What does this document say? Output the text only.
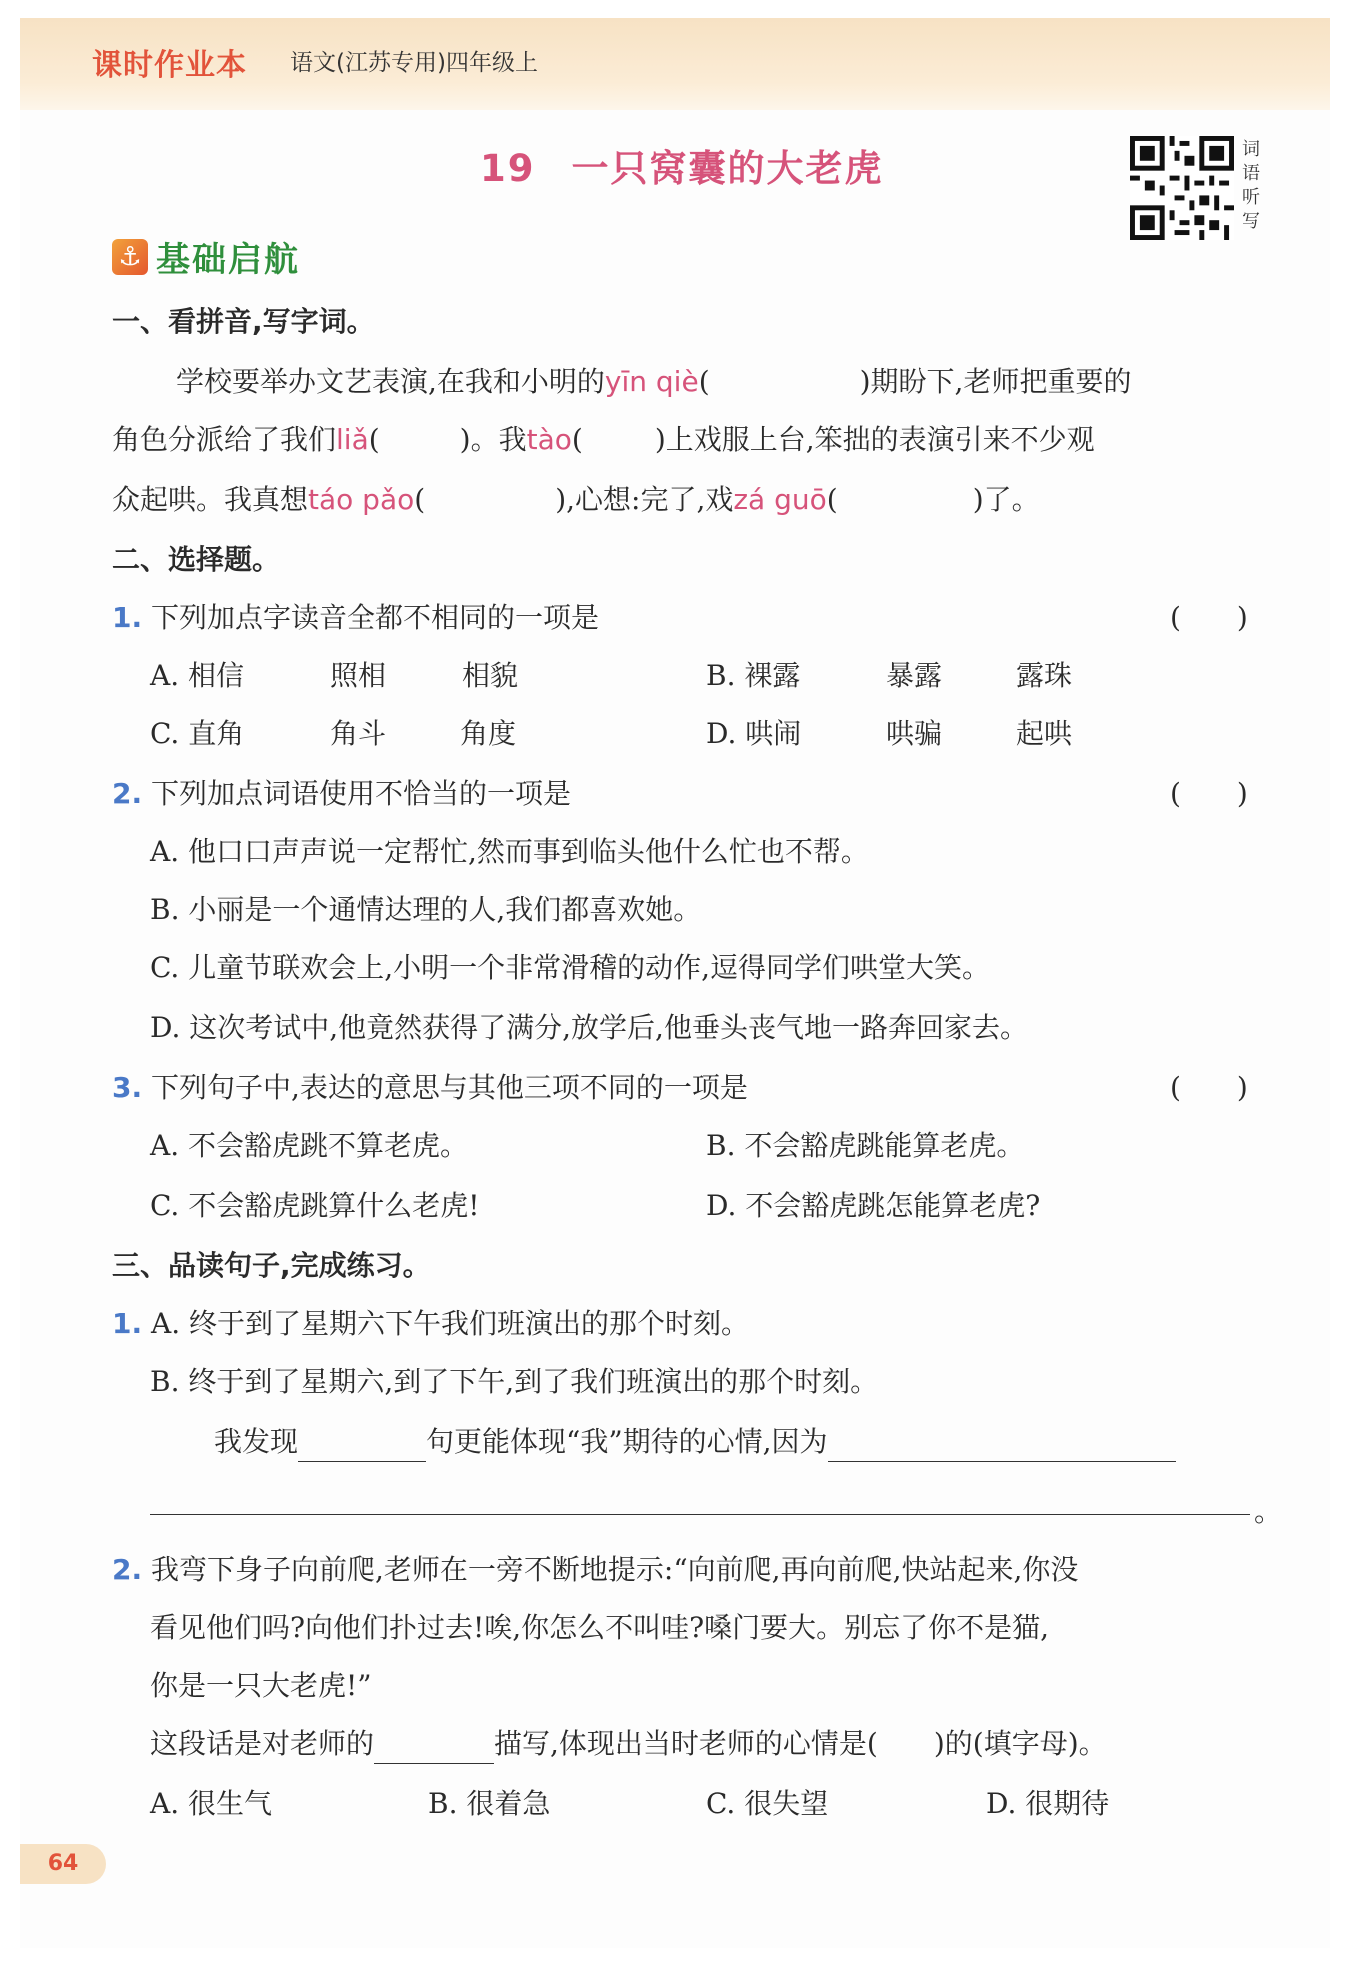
课时作业本 语文(江苏专用)四年级上
19 一只窝囊的大老虎	词语听写
⚓ 基础启航
一、看拼音,写字词。
学校要举办文艺表演,在我和小明的yīn qiè(	)期盼下,老师把重要的
角色分派给了我们liǎ(	)。我tào(	)上戏服上台,笨拙的表演引来不少观
众起哄。我真想táo pǎo(	),心想:完了,戏zá guō(	)了。
二、选择题。
1. 下列加点字读音全都不相同的一项是	(　　)
A. 相信	照相	相貌	B. 裸露	暴露	露珠
C. 直角	角斗	角度	D. 哄闹	哄骗	起哄
2. 下列加点词语使用不恰当的一项是	(　　)
A. 他口口声声说一定帮忙,然而事到临头他什么忙也不帮。
B. 小丽是一个通情达理的人,我们都喜欢她。
C. 儿童节联欢会上,小明一个非常滑稽的动作,逗得同学们哄堂大笑。
D. 这次考试中,他竟然获得了满分,放学后,他垂头丧气地一路奔回家去。
3. 下列句子中,表达的意思与其他三项不同的一项是	(　　)
A. 不会豁虎跳不算老虎。	B. 不会豁虎跳能算老虎。
C. 不会豁虎跳算什么老虎!	D. 不会豁虎跳怎能算老虎?
三、品读句子,完成练习。
1. A. 终于到了星期六下午我们班演出的那个时刻。
B. 终于到了星期六,到了下午,到了我们班演出的那个时刻。
我发现	句更能体现“我”期待的心情,因为
。
2. 我弯下身子向前爬,老师在一旁不断地提示:“向前爬,再向前爬,快站起来,你没
看见他们吗?向他们扑过去!唉,你怎么不叫哇?嗓门要大。别忘了你不是猫,
你是一只大老虎!”
这段话是对老师的	描写,体现出当时老师的心情是( )的(填字母)。
A. 很生气	B. 很着急	C. 很失望	D. 很期待
64
